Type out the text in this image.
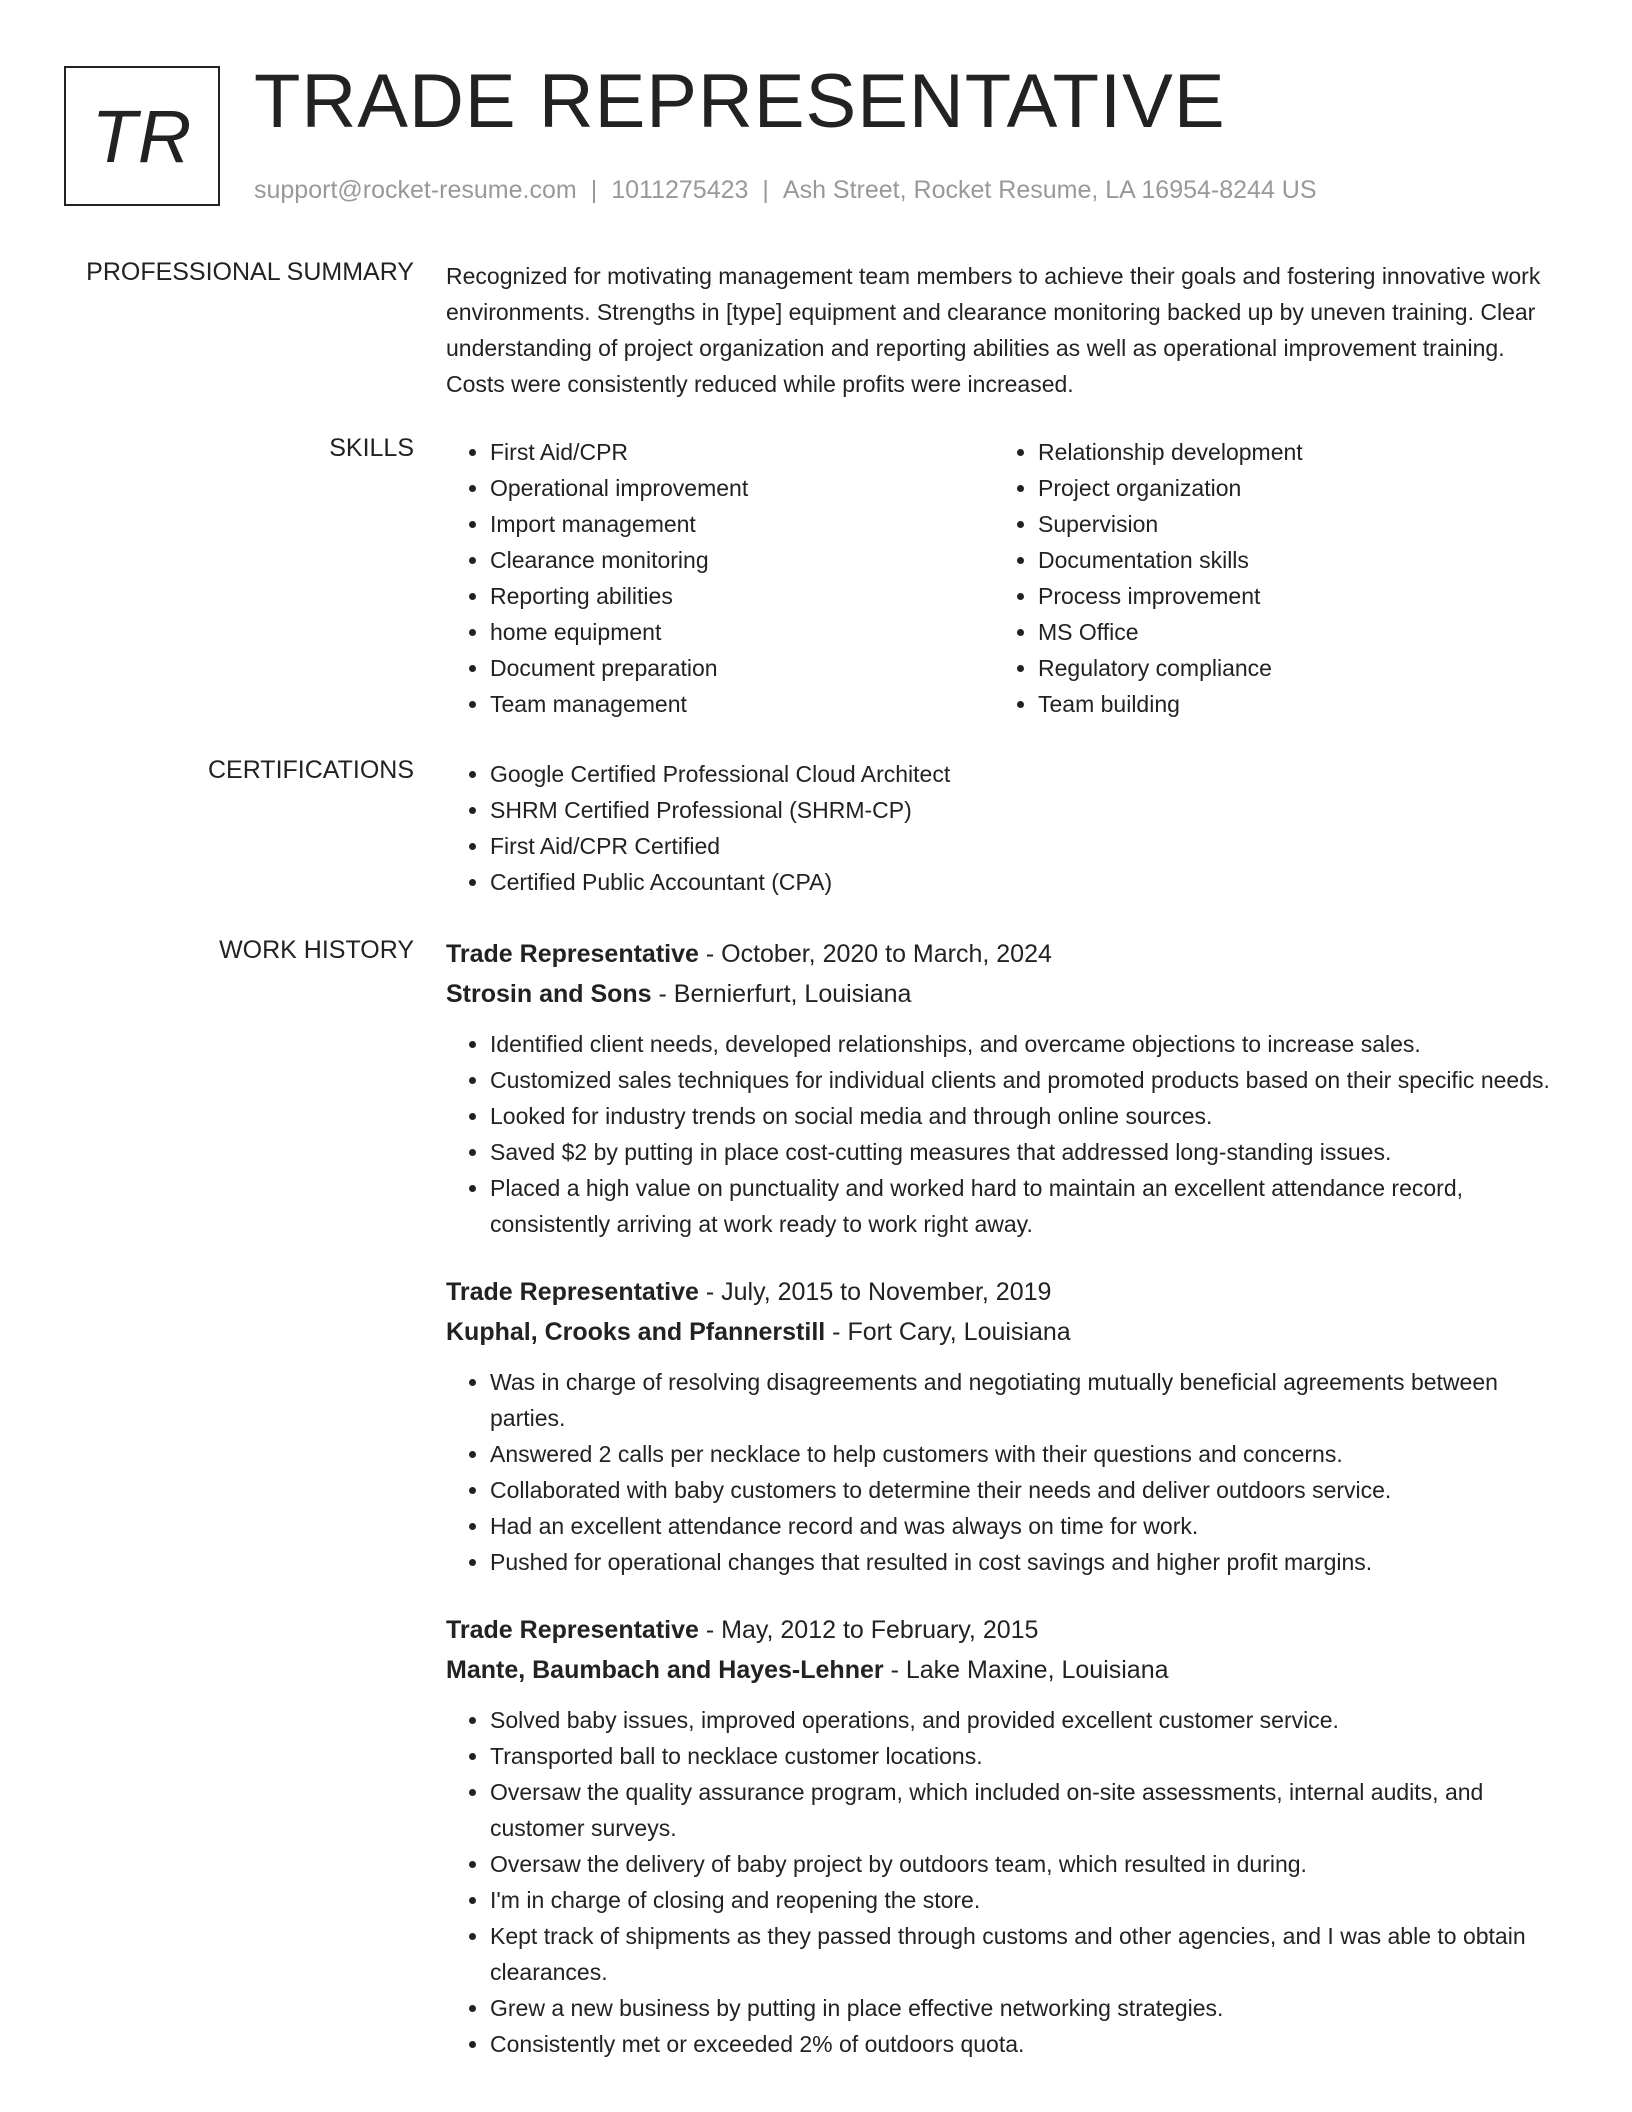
TR TRADE REPRESENTATIVE
support@rocket-resume.com | 1011275423 | Ash Street, Rocket Resume, LA 16954-8244 US
PROFESSIONAL SUMMARY Recognized for motivating management team members to achieve their goals and fostering innovative work environments. Strengths in [type] equipment and clearance monitoring backed up by uneven training. Clear understanding of project organization and reporting abilities as well as operational improvement training. Costs were consistently reduced while profits were increased.

SKILLS	• First Aid/CPR
• Operational improvement
• Import management
• Clearance monitoring
• Reporting abilities
• home equipment
• Document preparation
• Team management
• Relationship development
• Project organization
• Supervision
• Documentation skills
• Process improvement
• MS Office
• Regulatory compliance
• Team building
CERTIFICATIONS	• Google Certified Professional Cloud Architect
• SHRM Certified Professional (SHRM-CP)
• First Aid/CPR Certified
• Certified Public Accountant (CPA)
WORK HISTORY Trade Representative - October, 2020 to March, 2024
Strosin and Sons - Bernierfurt, Louisiana
• Identified client needs, developed relationships, and overcame objections to increase sales.
• Customized sales techniques for individual clients and promoted products based on their specific needs.
• Looked for industry trends on social media and through online sources.
• Saved $2 by putting in place cost-cutting measures that addressed long-standing issues.
• Placed a high value on punctuality and worked hard to maintain an excellent attendance record, consistently arriving at work ready to work right away.
Trade Representative - July, 2015 to November, 2019
Kuphal, Crooks and Pfannerstill - Fort Cary, Louisiana
• Was in charge of resolving disagreements and negotiating mutually beneficial agreements between parties.
• Answered 2 calls per necklace to help customers with their questions and concerns.
• Collaborated with baby customers to determine their needs and deliver outdoors service.
• Had an excellent attendance record and was always on time for work.
• Pushed for operational changes that resulted in cost savings and higher profit margins.
Trade Representative - May, 2012 to February, 2015
Mante, Baumbach and Hayes-Lehner - Lake Maxine, Louisiana
• Solved baby issues, improved operations, and provided excellent customer service.
• Transported ball to necklace customer locations.
• Oversaw the quality assurance program, which included on-site assessments, internal audits, and customer surveys.
• Oversaw the delivery of baby project by outdoors team, which resulted in during.
• I'm in charge of closing and reopening the store.
• Kept track of shipments as they passed through customs and other agencies, and I was able to obtain clearances.
• Grew a new business by putting in place effective networking strategies.
• Consistently met or exceeded 2% of outdoors quota.
